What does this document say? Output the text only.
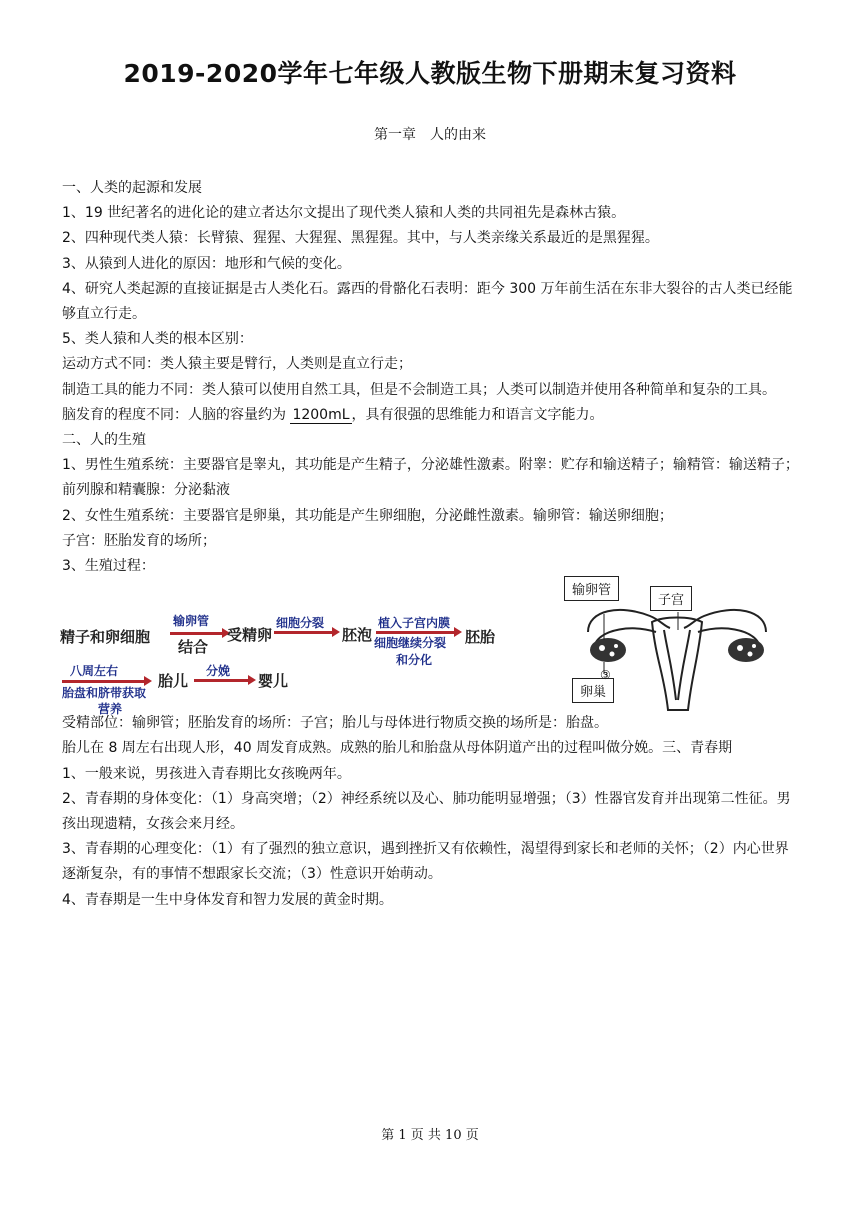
2019-2020学年七年级人教版生物下册期末复习资料
第一章　人的由来

一、人类的起源和发展

1、19 世纪著名的进化论的建立者达尔文提出了现代类人猿和人类的共同祖先是森林古猿。

2、四种现代类人猿：长臂猿、猩猩、大猩猩、黑猩猩。其中，与人类亲缘关系最近的是黑猩猩。

3、从猿到人进化的原因：地形和气候的变化。

4、研究人类起源的直接证据是古人类化石。露西的骨骼化石表明：距今 300 万年前生活在东非大裂谷的古人类已经能够直立行走。

5、类人猿和人类的根本区别：

运动方式不同：类人猿主要是臂行，人类则是直立行走；

制造工具的能力不同：类人猿可以使用自然工具，但是不会制造工具；人类可以制造并使用各种简单和复杂的工具。

脑发育的程度不同：人脑的容量约为 1200mL ，具有很强的思维能力和语言文字能力。

二、人的生殖

1、男性生殖系统：主要器官是睾丸，其功能是产生精子，分泌雄性激素。附睾：贮存和输送精子；输精管：输送精子；前列腺和精囊腺：分泌黏液

2、女性生殖系统：主要器官是卵巢，其功能是产生卵细胞，分泌雌性激素。输卵管：输送卵细胞；

子宫：胚胎发育的场所；

3、生殖过程：

受精部位：输卵管；胚胎发育的场所：子宫；胎儿与母体进行物质交换的场所是：胎盘。

胎儿在 8 周左右出现人形，40 周发育成熟。成熟的胎儿和胎盘从母体阴道产出的过程叫做分娩。三、青春期

1、一般来说，男孩进入青春期比女孩晚两年。

2、青春期的身体变化：（1）身高突增；（2）神经系统以及心、肺功能明显增强；（3）性器官发育并出现第二性征。男孩出现遗精，女孩会来月经。

3、青春期的心理变化：（1）有了强烈的独立意识，遇到挫折又有依赖性，渴望得到家长和老师的关怀；（2）内心世界逐渐复杂，有的事情不想跟家长交流；（3）性意识开始萌动。

4、青春期是一生中身体发育和智力发展的黄金时期。

精子和卵细胞
输卵管
结合
受精卵
细胞分裂
胚泡
植入子宫内膜
细胞继续分裂
和分化
胚胎
八周左右
胎盘和脐带获取
营养
胎儿
分娩
婴儿
输卵管
子宫
卵巢
③
第 1 页 共 10 页
